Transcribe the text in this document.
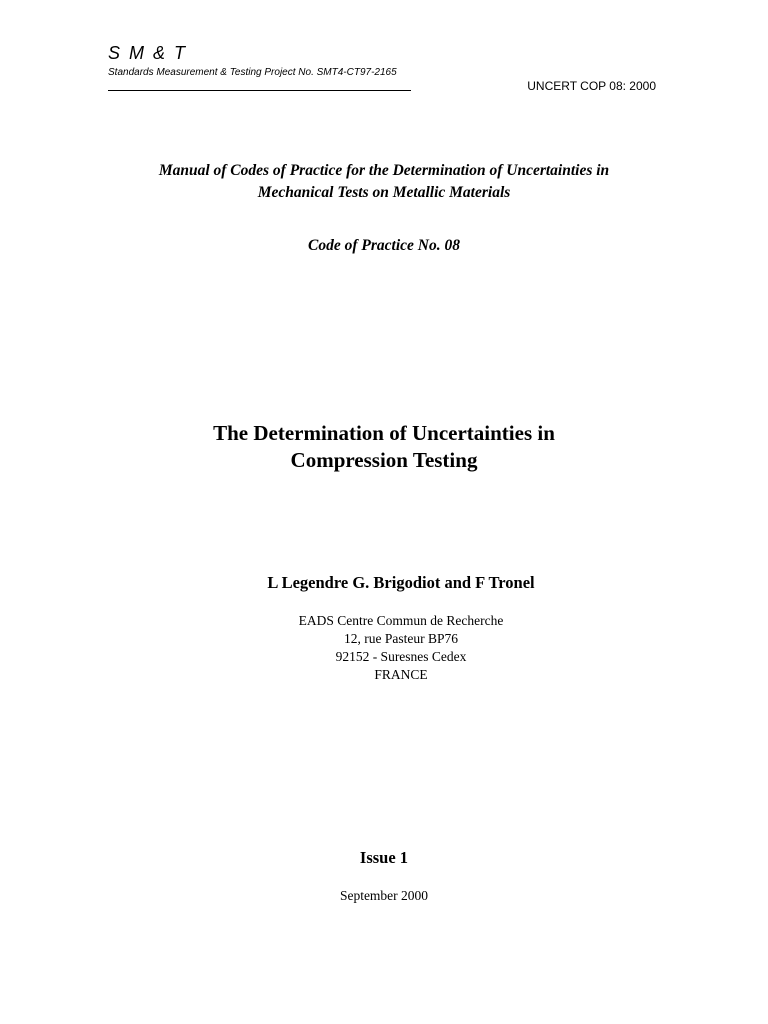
S M & T
Standards Measurement & Testing Project No. SMT4-CT97-2165
UNCERT COP 08: 2000
Manual of Codes of Practice for the Determination of Uncertainties in
Mechanical Tests on Metallic Materials
Code of Practice No. 08
The Determination of Uncertainties in
Compression Testing
L Legendre G. Brigodiot and F Tronel
EADS Centre Commun de Recherche
12, rue Pasteur BP76
92152 - Suresnes Cedex
FRANCE
Issue 1
September 2000
